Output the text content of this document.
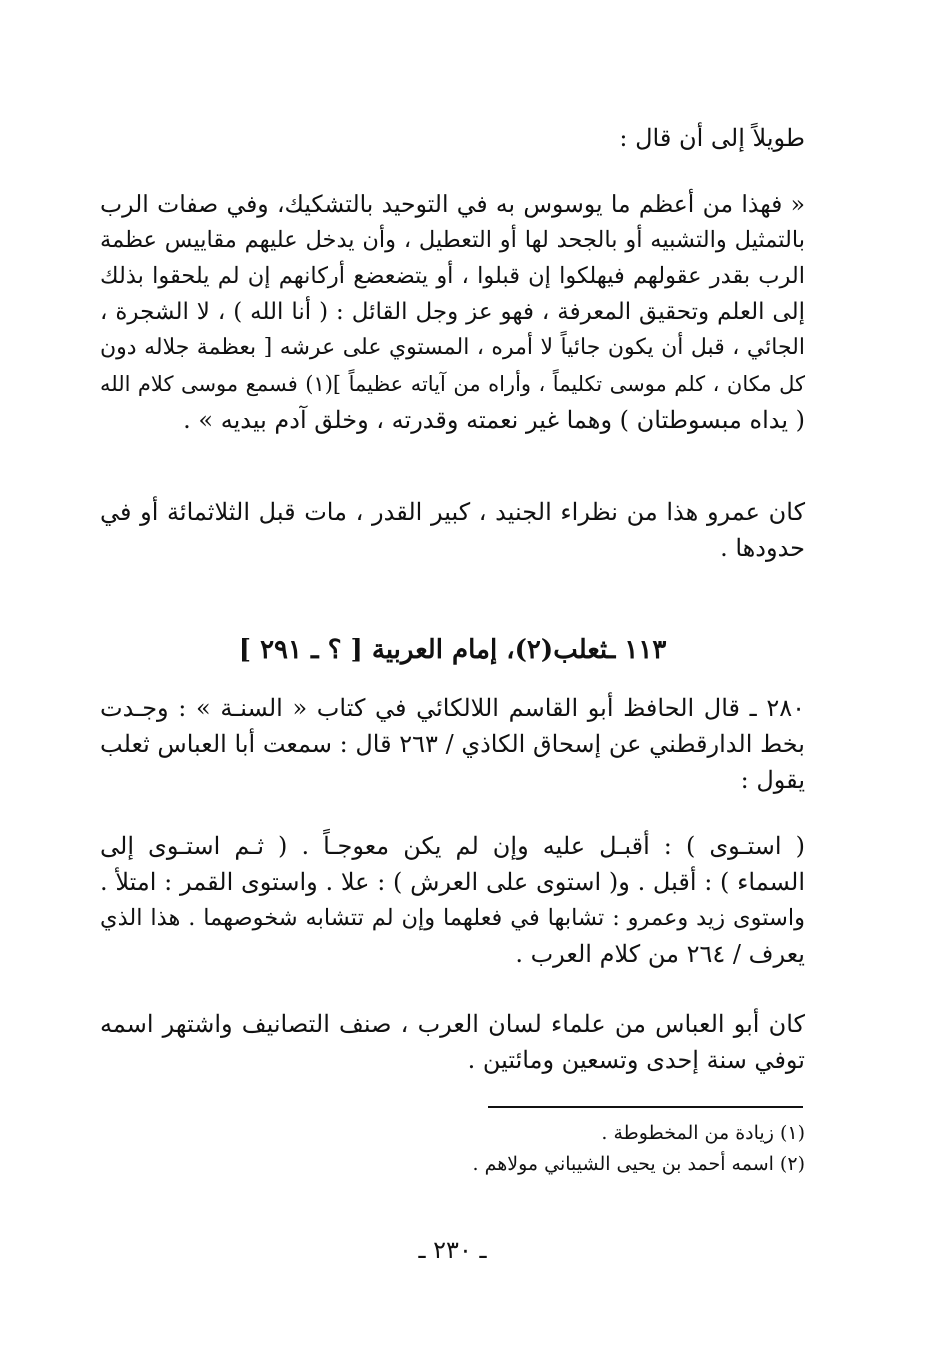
طويلاً إلى أن قال :
« فهذا من أعظم ما يوسوس به في التوحيد بالتشكيك، وفي صفات الرب
بالتمثيل والتشبيه أو بالجحد لها أو التعطيل ، وأن يدخل عليهم مقاييس عظمة
الرب بقدر عقولهم فيهلكوا إن قبلوا ، أو يتضعضع أركانهم إن لم يلحقوا بذلك
إلى العلم وتحقيق المعرفة ، فهو عز وجل القائل : ( أنا الله ) ، لا الشجرة ،
الجائي ، قبل أن يكون جائياً لا أمره ، المستوي على عرشه [ بعظمة جلاله دون
كل مكان ، كلم موسى تكليماً ، وأراه من آياته عظيماً ](١) فسمع موسى كلام الله
( يداه مبسوطتان ) وهما غير نعمته وقدرته ، وخلق آدم بيديه » .
كان عمرو هذا من نظراء الجنيد ، كبير القدر ، مات قبل الثلاثمائة أو في
حدودها .
١١٣ ـثعلب(٢)، إمام العربية [ ؟ ـ ٢٩١ ]
٢٨٠ ـ قال الحافظ أبو القاسم اللالكائي في كتاب « السنـة » : وجـدت
بخط الدارقطني عن إسحاق الكاذي / ٢٦٣ قال : سمعت أبا العباس ثعلب
يقول :
( استـوى ) : أقبـل عليه وإن لم يكن معوجـاً . ( ثـم استـوى إلى
السماء ) : أقبل . و( استوى على العرش ) : علا . واستوى القمر : امتلأ .
واستوى زيد وعمرو : تشابها في فعلهما وإن لم تتشابه شخوصهما . هذا الذي
يعرف / ٢٦٤ من كلام العرب .
كان أبو العباس من علماء لسان العرب ، صنف التصانيف واشتهر اسمه
توفي سنة إحدى وتسعين ومائتين .
(١) زيادة من المخطوطة .
(٢) اسمه أحمد بن يحيى الشيباني مولاهم .
ـ ٢٣٠ ـ
